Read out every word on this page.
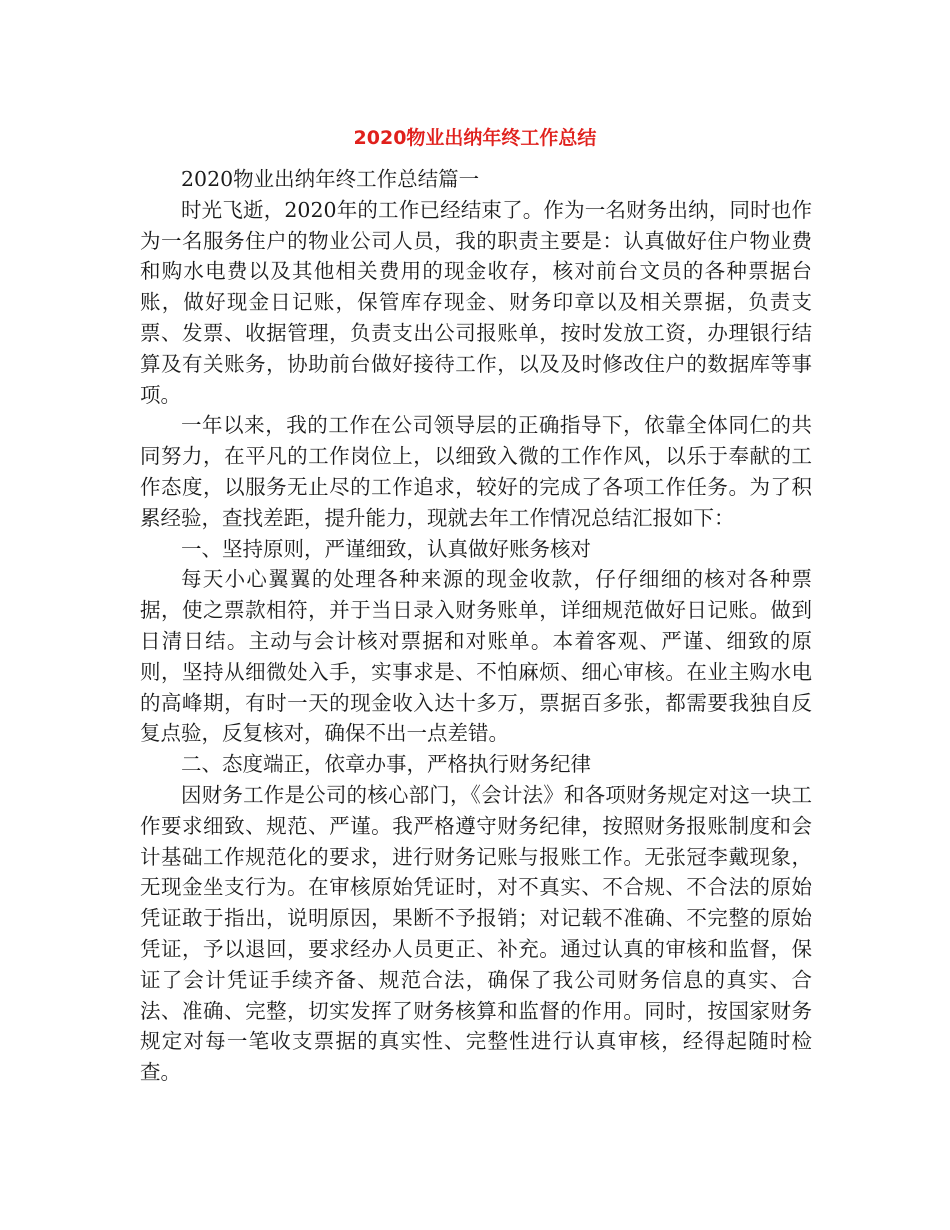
2020物业出纳年终工作总结

2020物业出纳年终工作总结篇一

时光飞逝，2020年的工作已经结束了。作为一名财务出纳，同时也作为一名服务住户的物业公司人员，我的职责主要是：认真做好住户物业费和购水电费以及其他相关费用的现金收存，核对前台文员的各种票据台账，做好现金日记账，保管库存现金、财务印章以及相关票据，负责支票、发票、收据管理，负责支出公司报账单，按时发放工资，办理银行结算及有关账务，协助前台做好接待工作，以及及时修改住户的数据库等事项。

一年以来，我的工作在公司领导层的正确指导下，依靠全体同仁的共同努力，在平凡的工作岗位上，以细致入微的工作作风，以乐于奉献的工作态度，以服务无止尽的工作追求，较好的完成了各项工作任务。为了积累经验，查找差距，提升能力，现就去年工作情况总结汇报如下：

一、坚持原则，严谨细致，认真做好账务核对

每天小心翼翼的处理各种来源的现金收款，仔仔细细的核对各种票据，使之票款相符，并于当日录入财务账单，详细规范做好日记账。做到日清日结。主动与会计核对票据和对账单。本着客观、严谨、细致的原则，坚持从细微处入手，实事求是、不怕麻烦、细心审核。在业主购水电的高峰期，有时一天的现金收入达十多万，票据百多张，都需要我独自反复点验，反复核对，确保不出一点差错。

二、态度端正，依章办事，严格执行财务纪律

因财务工作是公司的核心部门，《会计法》和各项财务规定对这一块工作要求细致、规范、严谨。我严格遵守财务纪律，按照财务报账制度和会计基础工作规范化的要求，进行财务记账与报账工作。无张冠李戴现象，无现金坐支行为。在审核原始凭证时，对不真实、不合规、不合法的原始凭证敢于指出，说明原因，果断不予报销；对记载不准确、不完整的原始凭证，予以退回，要求经办人员更正、补充。通过认真的审核和监督，保证了会计凭证手续齐备、规范合法，确保了我公司财务信息的真实、合法、准确、完整，切实发挥了财务核算和监督的作用。同时，按国家财务规定对每一笔收支票据的真实性、完整性进行认真审核，经得起随时检查。
